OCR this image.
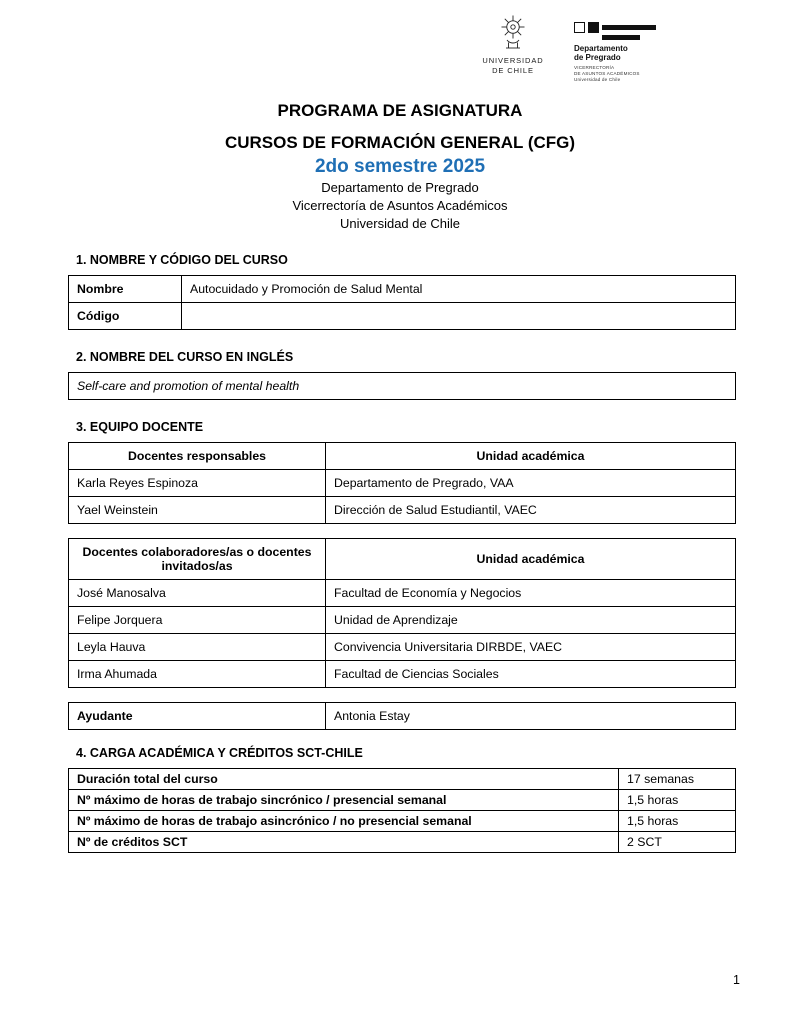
UNIVERSIDAD
DE CHILE
Departamento
de Pregrado
VICERRECTORÍA
DE ASUNTOS ACADÉMICOS
Universidad de Chile
PROGRAMA DE ASIGNATURA
CURSOS DE FORMACIÓN GENERAL (CFG)
2do semestre 2025
Departamento de Pregrado
Vicerrectoría de Asuntos Académicos
Universidad de Chile
1. NOMBRE Y CÓDIGO DEL CURSO
Nombre	Autocuidado y Promoción de Salud Mental
Código	
2. NOMBRE DEL CURSO EN INGLÉS
Self-care and promotion of mental health
3. EQUIPO DOCENTE
Docentes responsables	Unidad académica
Karla Reyes Espinoza	Departamento de Pregrado, VAA
Yael Weinstein	Dirección de Salud Estudiantil, VAEC
Docentes colaboradores/as o docentes invitados/as	Unidad académica
José Manosalva	Facultad de Economía y Negocios
Felipe Jorquera	Unidad de Aprendizaje
Leyla Hauva	Convivencia Universitaria DIRBDE, VAEC
Irma Ahumada	Facultad de Ciencias Sociales
Ayudante	Antonia Estay
4. CARGA ACADÉMICA Y CRÉDITOS SCT-CHILE
Duración total del curso	17 semanas
Nº máximo de horas de trabajo sincrónico / presencial semanal	1,5 horas
Nº máximo de horas de trabajo asincrónico / no presencial semanal	1,5 horas
Nº de créditos SCT	2 SCT
1
